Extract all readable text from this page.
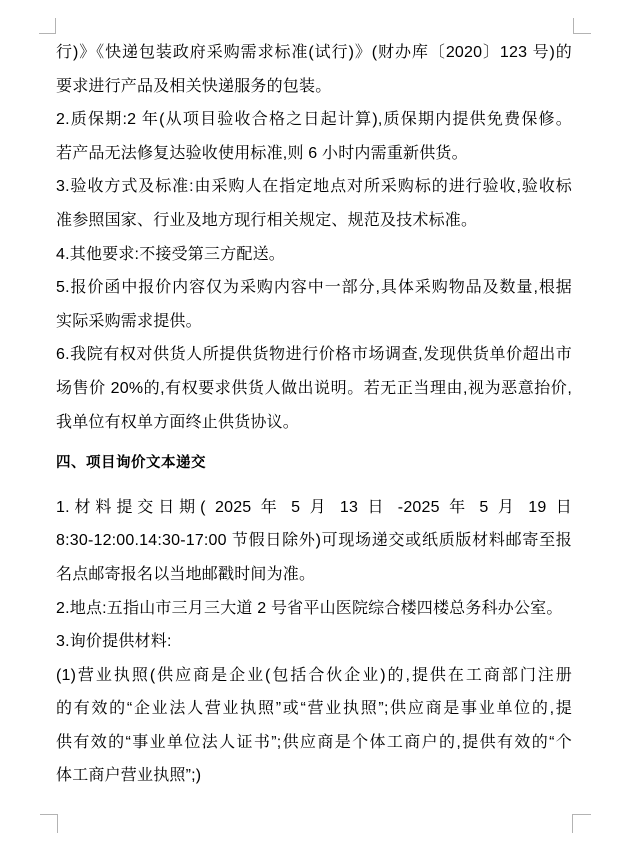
行)》《快递包装政府采购需求标准(试行)》(财办库〔2020〕123 号)的
要求进行产品及相关快递服务的包装。
2.质保期:2 年(从项目验收合格之日起计算),质保期内提供免费保修。
若产品无法修复达验收使用标准,则 6 小时内需重新供货。
3.验收方式及标准:由采购人在指定地点对所采购标的进行验收,验收标
准参照国家、行业及地方现行相关规定、规范及技术标准。
4.其他要求:不接受第三方配送。
5.报价函中报价内容仅为采购内容中一部分,具体采购物品及数量,根据
实际采购需求提供。
6.我院有权对供货人所提供货物进行价格市场调查,发现供货单价超出市
场售价 20%的,有权要求供货人做出说明。若无正当理由,视为恶意抬价,
我单位有权单方面终止供货协议。
四、项目询价文本递交
1.材料提交日期( 2025 年 5 月 13 日 -2025 年 5 月 19 日
8:30-12:00.14:30-17:00 节假日除外)可现场递交或纸质版材料邮寄至报
名点邮寄报名以当地邮戳时间为准。
2.地点:五指山市三月三大道 2 号省平山医院综合楼四楼总务科办公室。
3.询价提供材料:
(1)营业执照(供应商是企业(包括合伙企业)的,提供在工商部门注册
的有效的“企业法人营业执照”或“营业执照”;供应商是事业单位的,提
供有效的“事业单位法人证书”;供应商是个体工商户的,提供有效的“个
体工商户营业执照”;)
